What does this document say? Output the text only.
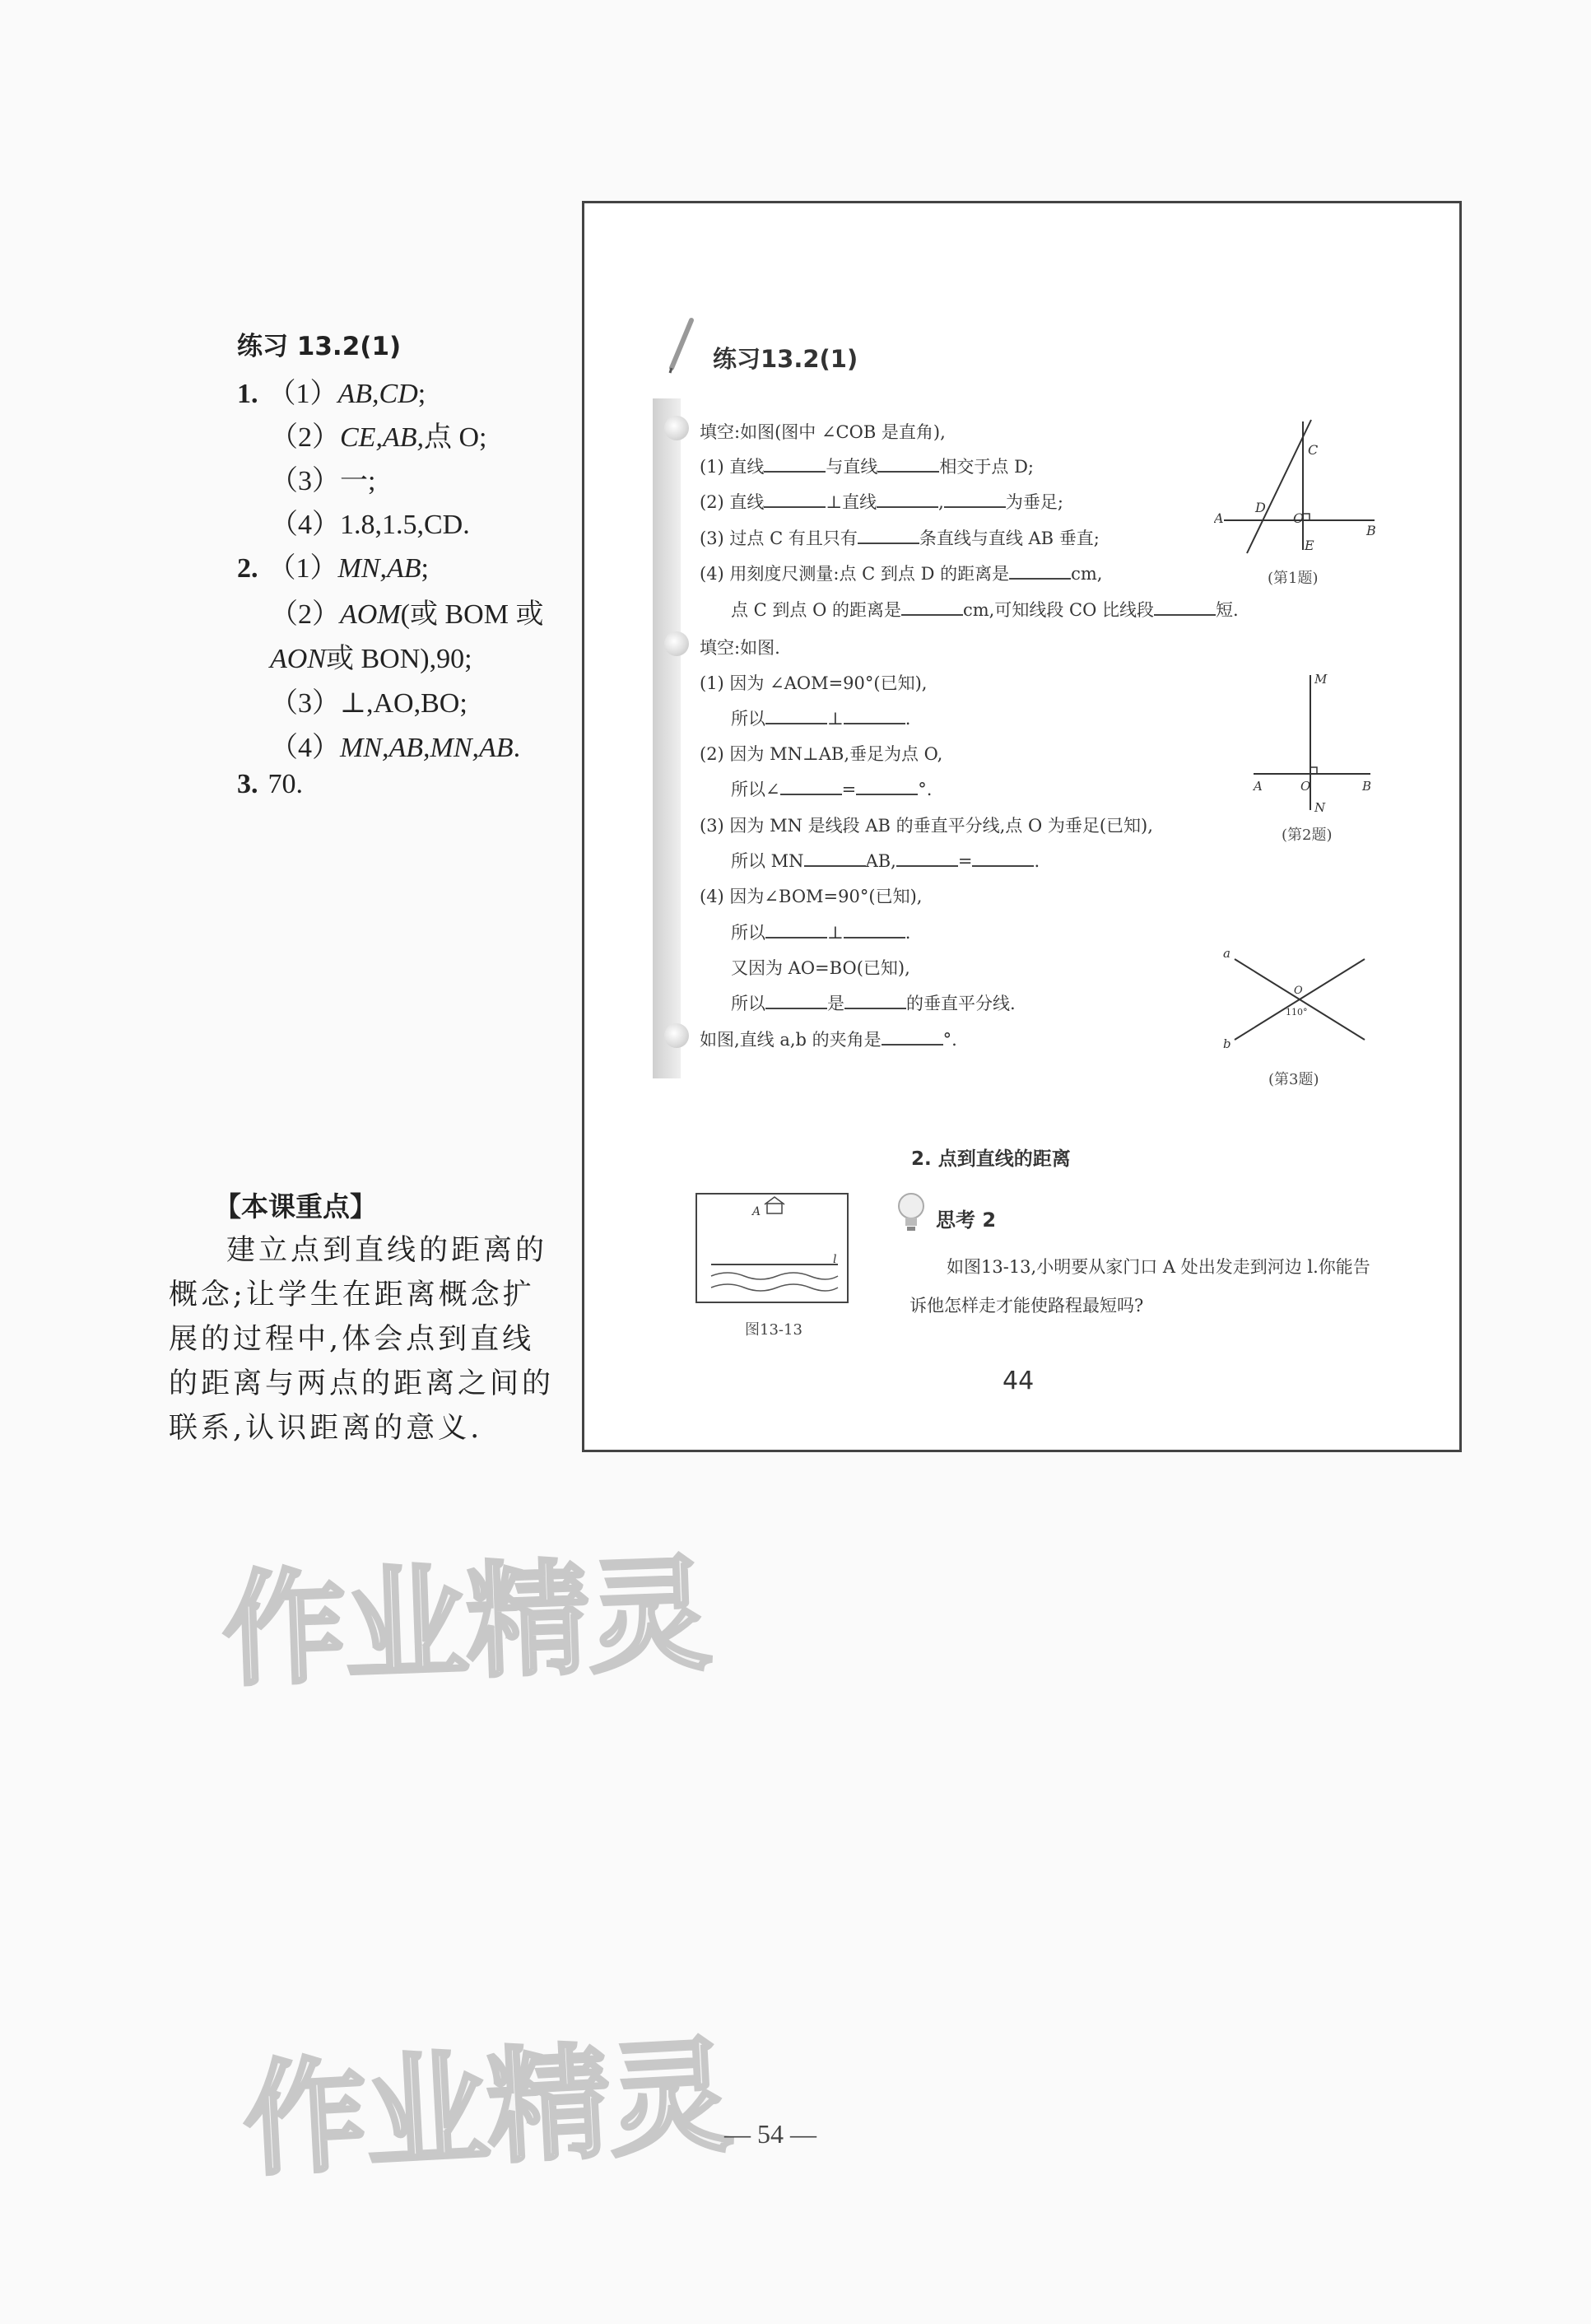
练习 13.2(1)
1. （1）AB,CD;
（2）CE,AB,点 O;
（3）一;
（4）1.8,1.5,CD.
2. （1）MN,AB;
（2）AOM(或 BOM 或
AON或 BON),90;
（3）⊥,AO,BO;
（4）MN,AB,MN,AB.
3. 70.
【本课重点】
建立点到直线的距离的概念;让学生在距离概念扩展的过程中,体会点到直线的距离与两点的距离之间的联系,认识距离的意义.
练习13.2(1)
填空:如图(图中 ∠COB 是直角),
(1) 直线	与直线	相交于点 D;
(2) 直线	⊥直线	,	为垂足;
(3) 过点 C 有且只有	条直线与直线 AB 垂直;
(4) 用刻度尺测量:点 C 到点 D 的距离是	cm,
点 C 到点 O 的距离是	cm,可知线段 CO 比线段	短.
A
B
C
D
O
E
(第1题)
填空:如图.
(1) 因为 ∠AOM=90°(已知),
所以	⊥	.
(2) 因为 MN⊥AB,垂足为点 O,
所以∠	=	°.
(3) 因为 MN 是线段 AB 的垂直平分线,点 O 为垂足(已知),
所以 MN	AB,	=	.
(4) 因为∠BOM=90°(已知),
所以	⊥	.
又因为 AO=BO(已知),
所以	是	的垂直平分线.
M
N
A	B
O
(第2题)
如图,直线 a,b 的夹角是	°.
a
b
O
110°
(第3题)
2. 点到直线的距离
A
l
图13-13
思考 2
如图13-13,小明要从家门口 A 处出发走到河边 l.你能告诉他怎样走才能使路程最短吗?
44
作业精灵
作业精灵
— 54 —
